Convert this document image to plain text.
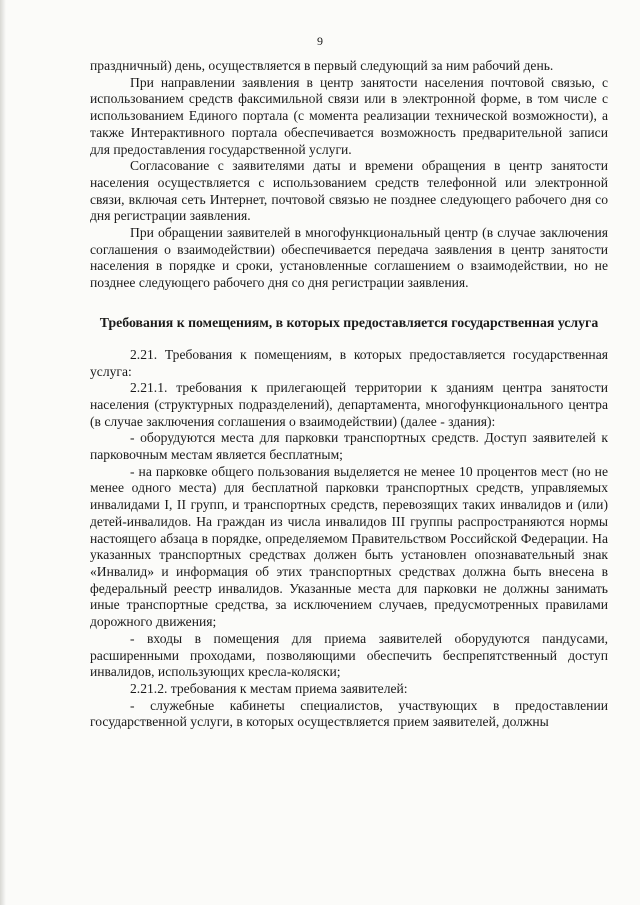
9

праздничный) день, осуществляется в первый следующий за ним рабочий день.

При направлении заявления в центр занятости населения почтовой связью, с использованием средств факсимильной связи или в электронной форме, в том числе с использованием Единого портала (с момента реализации технической возможности), а также Интерактивного портала обеспечивается возможность предварительной записи для предоставления государственной услуги.

Согласование с заявителями даты и времени обращения в центр занятости населения осуществляется с использованием средств телефонной или электронной связи, включая сеть Интернет, почтовой связью не позднее следующего рабочего дня со дня регистрации заявления.

При обращении заявителей в многофункциональный центр (в случае заключения соглашения о взаимодействии) обеспечивается передача заявления в центр занятости населения в порядке и сроки, установленные соглашением о взаимодействии, но не позднее следующего рабочего дня со дня регистрации заявления.

Требования к помещениям, в которых предоставляется государственная услуга

2.21. Требования к помещениям, в которых предоставляется государственная услуга:

2.21.1. требования к прилегающей территории к зданиям центра занятости населения (структурных подразделений), департамента, многофункционального центра (в случае заключения соглашения о взаимодействии) (далее - здания):

- оборудуются места для парковки транспортных средств. Доступ заявителей к парковочным местам является бесплатным;

- на парковке общего пользования выделяется не менее 10 процентов мест (но не менее одного места) для бесплатной парковки транспортных средств, управляемых инвалидами I, II групп, и транспортных средств, перевозящих таких инвалидов и (или) детей-инвалидов. На граждан из числа инвалидов III группы распространяются нормы настоящего абзаца в порядке, определяемом Правительством Российской Федерации. На указанных транспортных средствах должен быть установлен опознавательный знак «Инвалид» и информация об этих транспортных средствах должна быть внесена в федеральный реестр инвалидов. Указанные места для парковки не должны занимать иные транспортные средства, за исключением случаев, предусмотренных правилами дорожного движения;

- входы в помещения для приема заявителей оборудуются пандусами, расширенными проходами, позволяющими обеспечить беспрепятственный доступ инвалидов, использующих кресла-коляски;

2.21.2. требования к местам приема заявителей:

- служебные кабинеты специалистов, участвующих в предоставлении государственной услуги, в которых осуществляется прием заявителей, должны
